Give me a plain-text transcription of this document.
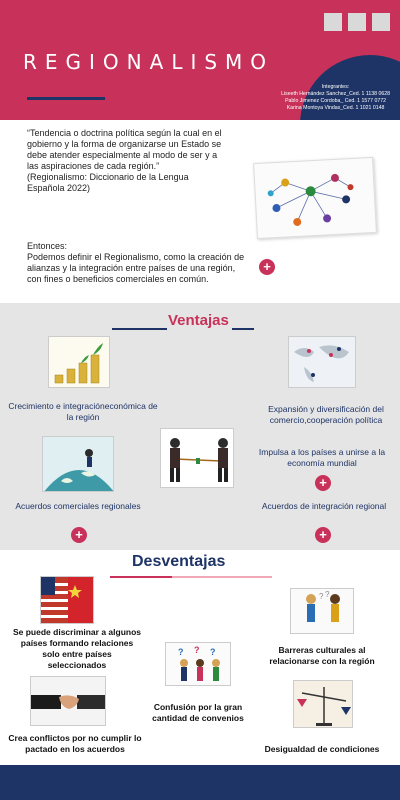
REGIONALISMO
Integrantes:
Liseeth Hernández Sanchez_Ced. 1 1138 0628
Pablo Jimenez Cordoba_ Ced. 1 1577 0772
Karina Montoya Vindas_Ced. 1 1021 0148
“Tendencia o doctrina política según la cual en el gobierno y la forma de organizarse un Estado se debe atender especialmente al modo de ser y a las aspiraciones de cada región.”
(Regionalismo: Diccionario de la Lengua Española 2022)
Entonces:
Podemos definir el Regionalismo, como la creación de alianzas y la integración entre países de una región, con fines o beneficios comerciales en común.
+
Ventajas
Crecimiento e integracióneconómica de la región
Expansión y diversificación del comercio,cooperación política
Impulsa a los países a unirse a la economía mundial
+
Acuerdos comerciales regionales
+
Acuerdos de integración regional
+
Desventajas
Se puede discriminar a algunos países formando relaciones solo entre países seleccionados
? ?
Barreras culturales al relacionarse con la región
? ? ?
Confusión por la gran cantidad de convenios
Crea conflictos por no cumplir lo pactado en los acuerdos	Desigualdad de condiciones
